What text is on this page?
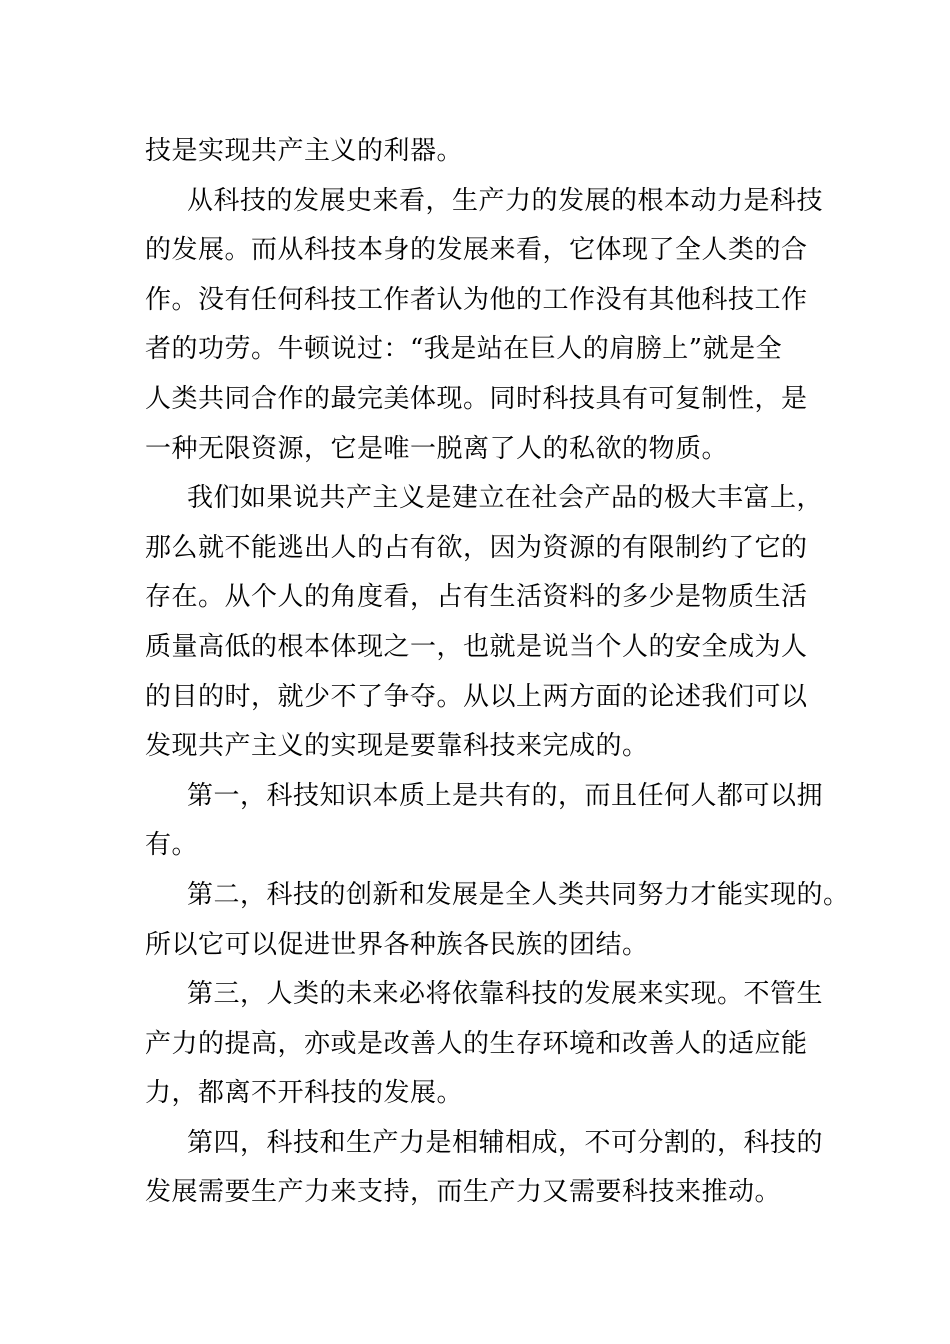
技是实现共产主义的利器。
从科技的发展史来看，生产力的发展的根本动力是科技
的发展。而从科技本身的发展来看，它体现了全人类的合
作。没有任何科技工作者认为他的工作没有其他科技工作
者的功劳。牛顿说过：“我是站在巨人的肩膀上”就是全
人类共同合作的最完美体现。同时科技具有可复制性，是
一种无限资源，它是唯一脱离了人的私欲的物质。
我们如果说共产主义是建立在社会产品的极大丰富上，
那么就不能逃出人的占有欲，因为资源的有限制约了它的
存在。从个人的角度看，占有生活资料的多少是物质生活
质量高低的根本体现之一，也就是说当个人的安全成为人
的目的时，就少不了争夺。从以上两方面的论述我们可以
发现共产主义的实现是要靠科技来完成的。
第一，科技知识本质上是共有的，而且任何人都可以拥
有。
第二，科技的创新和发展是全人类共同努力才能实现的。
所以它可以促进世界各种族各民族的团结。
第三，人类的未来必将依靠科技的发展来实现。不管生
产力的提高，亦或是改善人的生存环境和改善人的适应能
力，都离不开科技的发展。
第四，科技和生产力是相辅相成，不可分割的，科技的
发展需要生产力来支持，而生产力又需要科技来推动。
